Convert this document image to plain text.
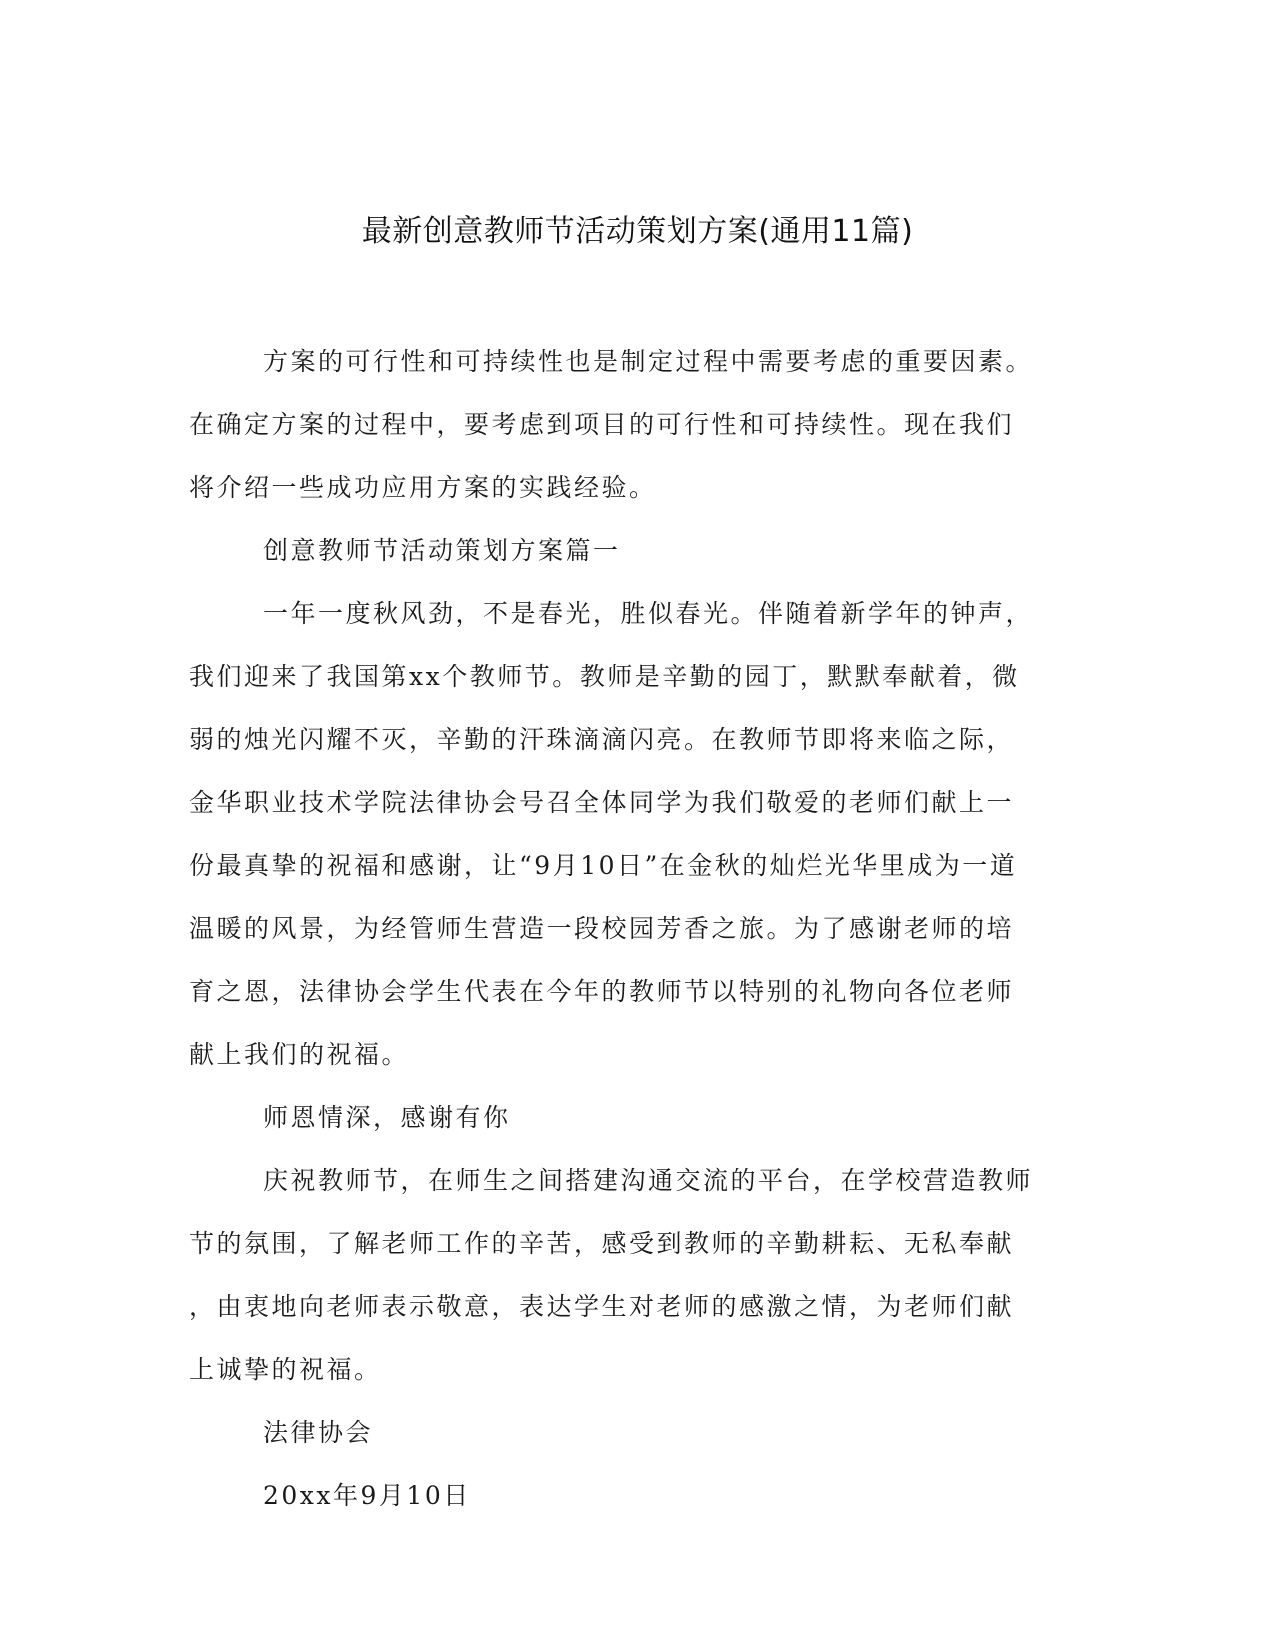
最新创意教师节活动策划方案(通用11篇)
方案的可行性和可持续性也是制定过程中需要考虑的重要因素。
在确定方案的过程中，要考虑到项目的可行性和可持续性。现在我们
将介绍一些成功应用方案的实践经验。
创意教师节活动策划方案篇一
一年一度秋风劲，不是春光，胜似春光。伴随着新学年的钟声，
我们迎来了我国第xx个教师节。教师是辛勤的园丁，默默奉献着，微
弱的烛光闪耀不灭，辛勤的汗珠滴滴闪亮。在教师节即将来临之际，
金华职业技术学院法律协会号召全体同学为我们敬爱的老师们献上一
份最真挚的祝福和感谢，让“9月10日”在金秋的灿烂光华里成为一道
温暖的风景，为经管师生营造一段校园芳香之旅。为了感谢老师的培
育之恩，法律协会学生代表在今年的教师节以特别的礼物向各位老师
献上我们的祝福。
师恩情深，感谢有你
庆祝教师节，在师生之间搭建沟通交流的平台，在学校营造教师
节的氛围，了解老师工作的辛苦，感受到教师的辛勤耕耘、无私奉献
，由衷地向老师表示敬意，表达学生对老师的感激之情，为老师们献
上诚挚的祝福。
法律协会
20xx年9月10日
